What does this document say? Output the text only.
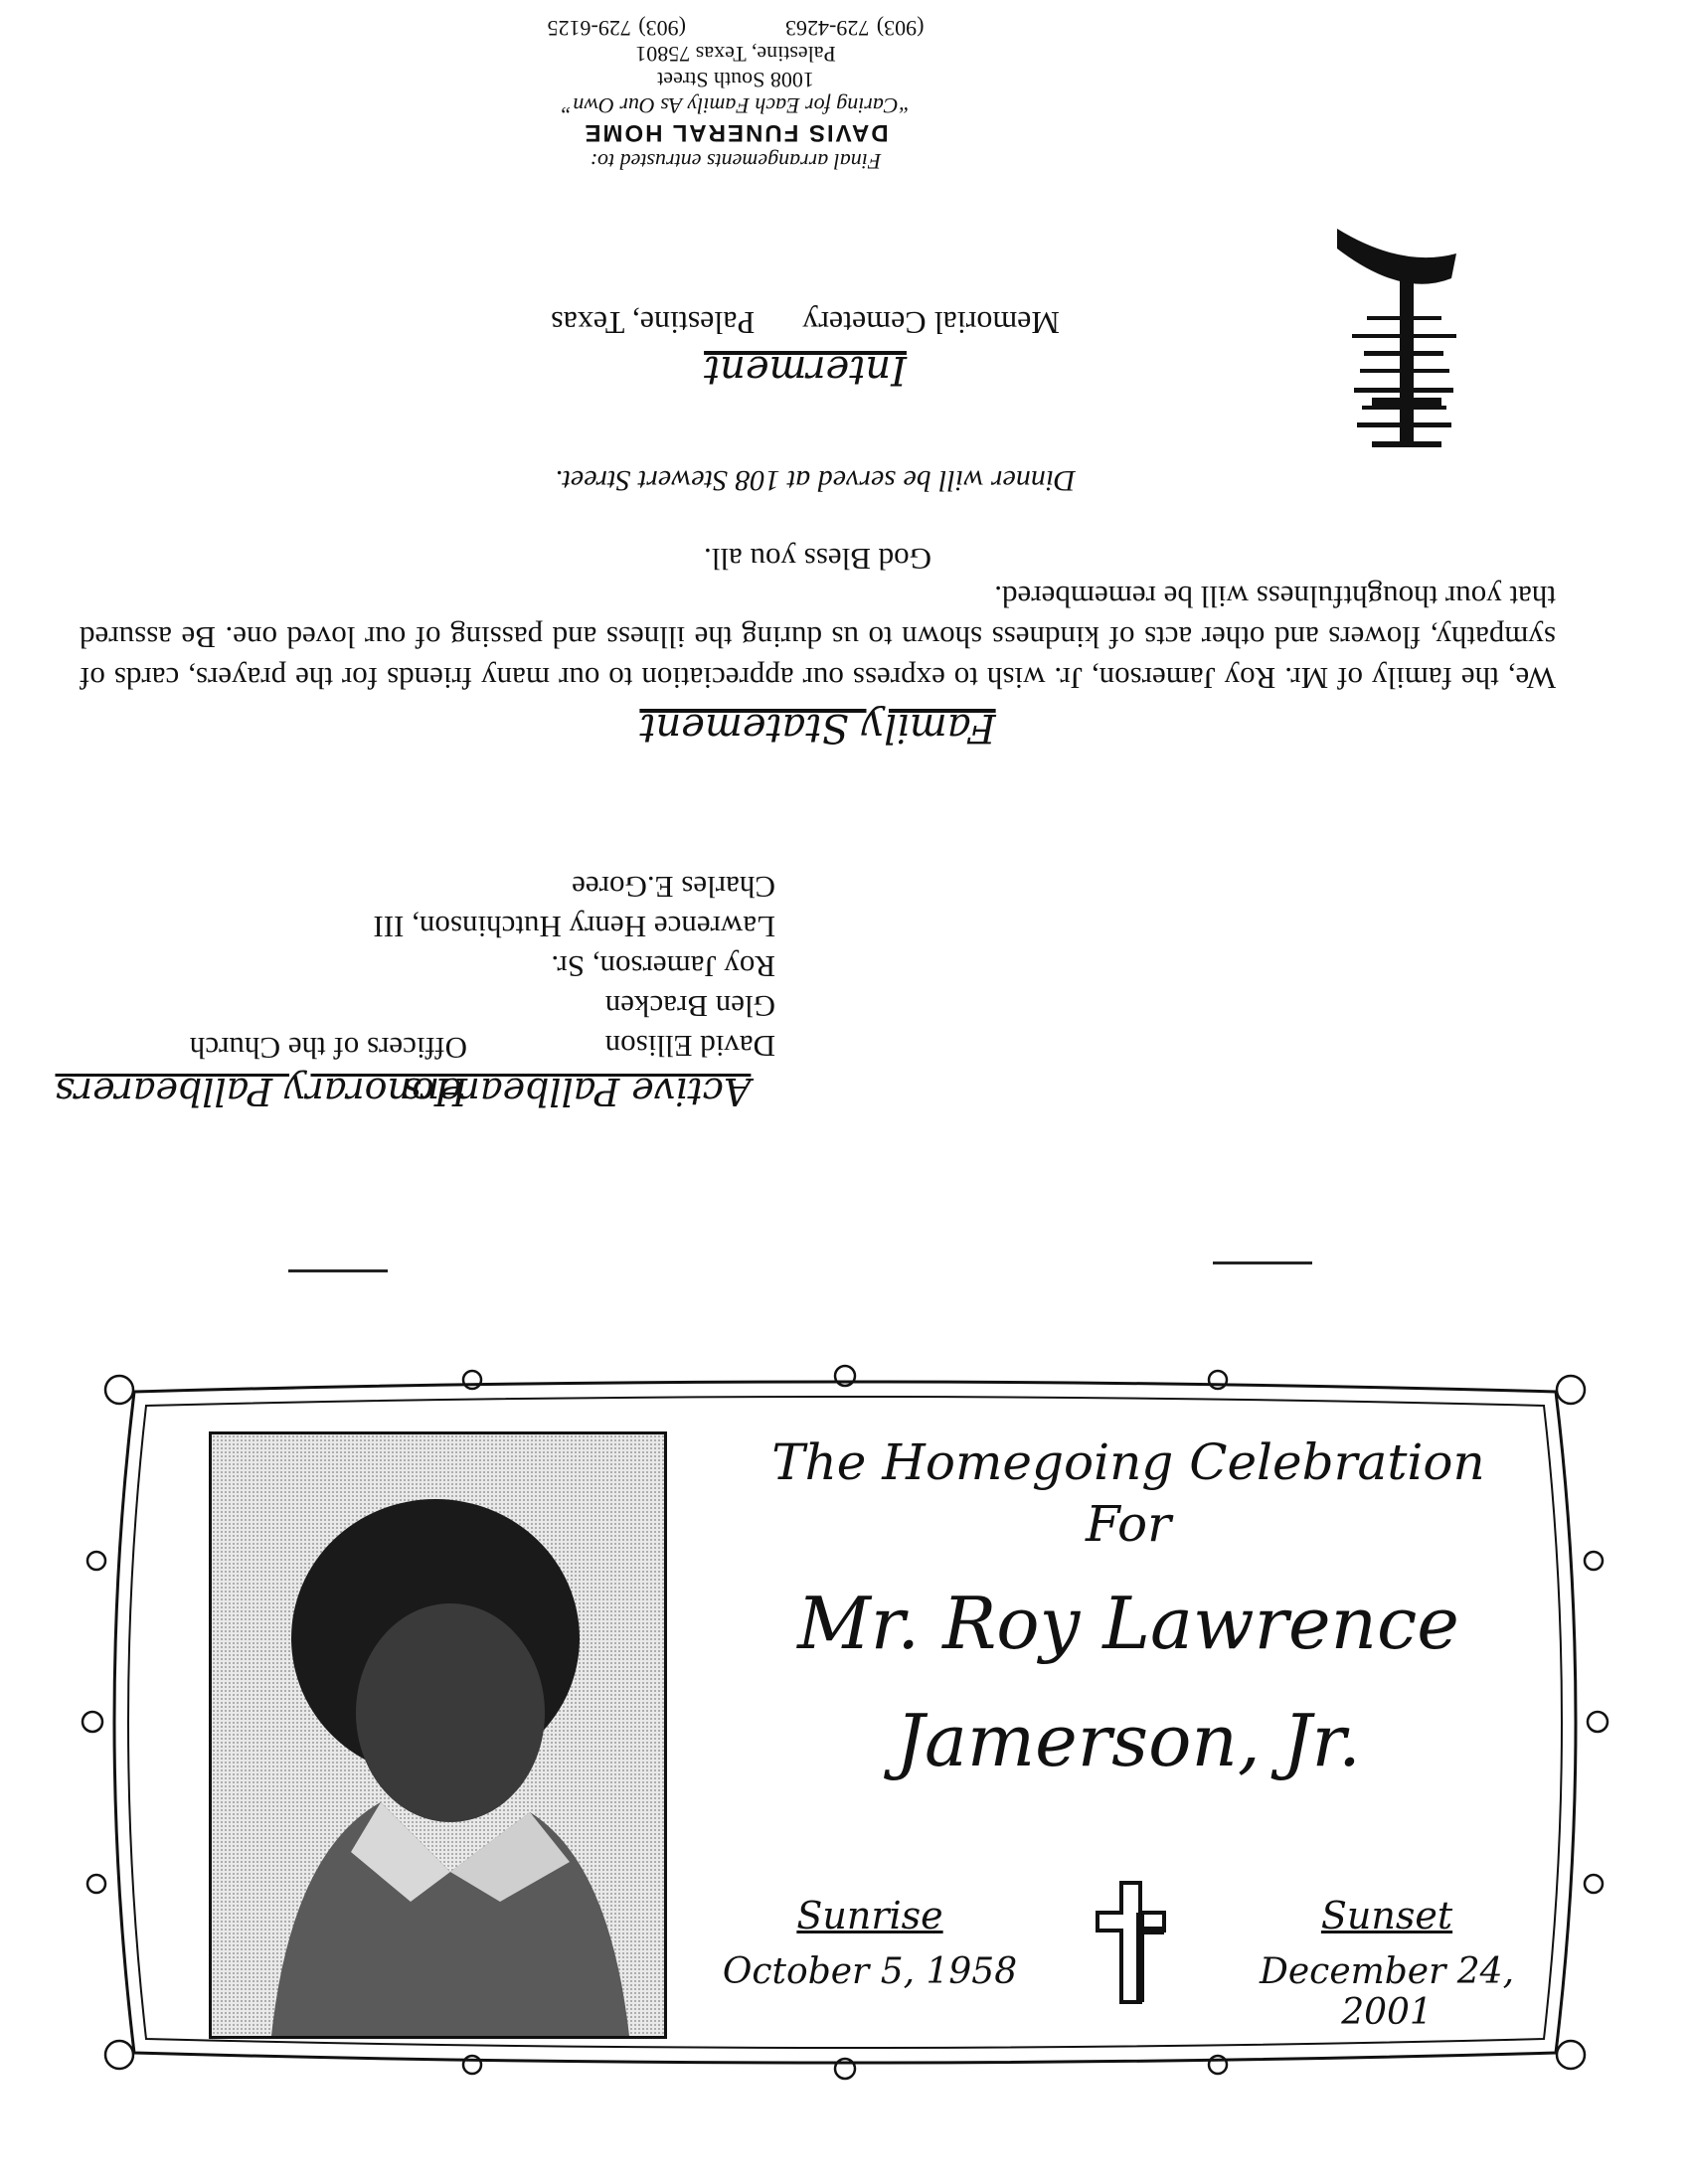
Final arrangements entrusted to:
DAVIS FUNERAL HOME
“Caring for Each Family As Our Own”
1008 South Street
Palestine, Texas 75801
(903) 729-4263(903) 729-6125
Interment
Memorial CemeteryPalestine, Texas
Dinner will be served at 108 Stewert Street.
Family Statement
We, the family of Mr. Roy Jamerson, Jr. wish to express our appreciation to our many friends for the prayers, cards of sympathy, flowers and other acts of kindness shown to us during the illness and passing of our loved one. Be assured that your thoughtfulness will be remembered.
God Bless you all.
Honorary Pallbearers
Officers of the Church
Active Pallbearers
David Ellison
Glen Bracken
Roy Jamerson, Sr.
Lawrence Henry Hutchinson, III
Charles E.Goree
The Homegoing Celebration
For
Mr. Roy Lawrence
Jamerson, Jr.
Sunrise
October 5, 1958
Sunset
December 24, 2001
